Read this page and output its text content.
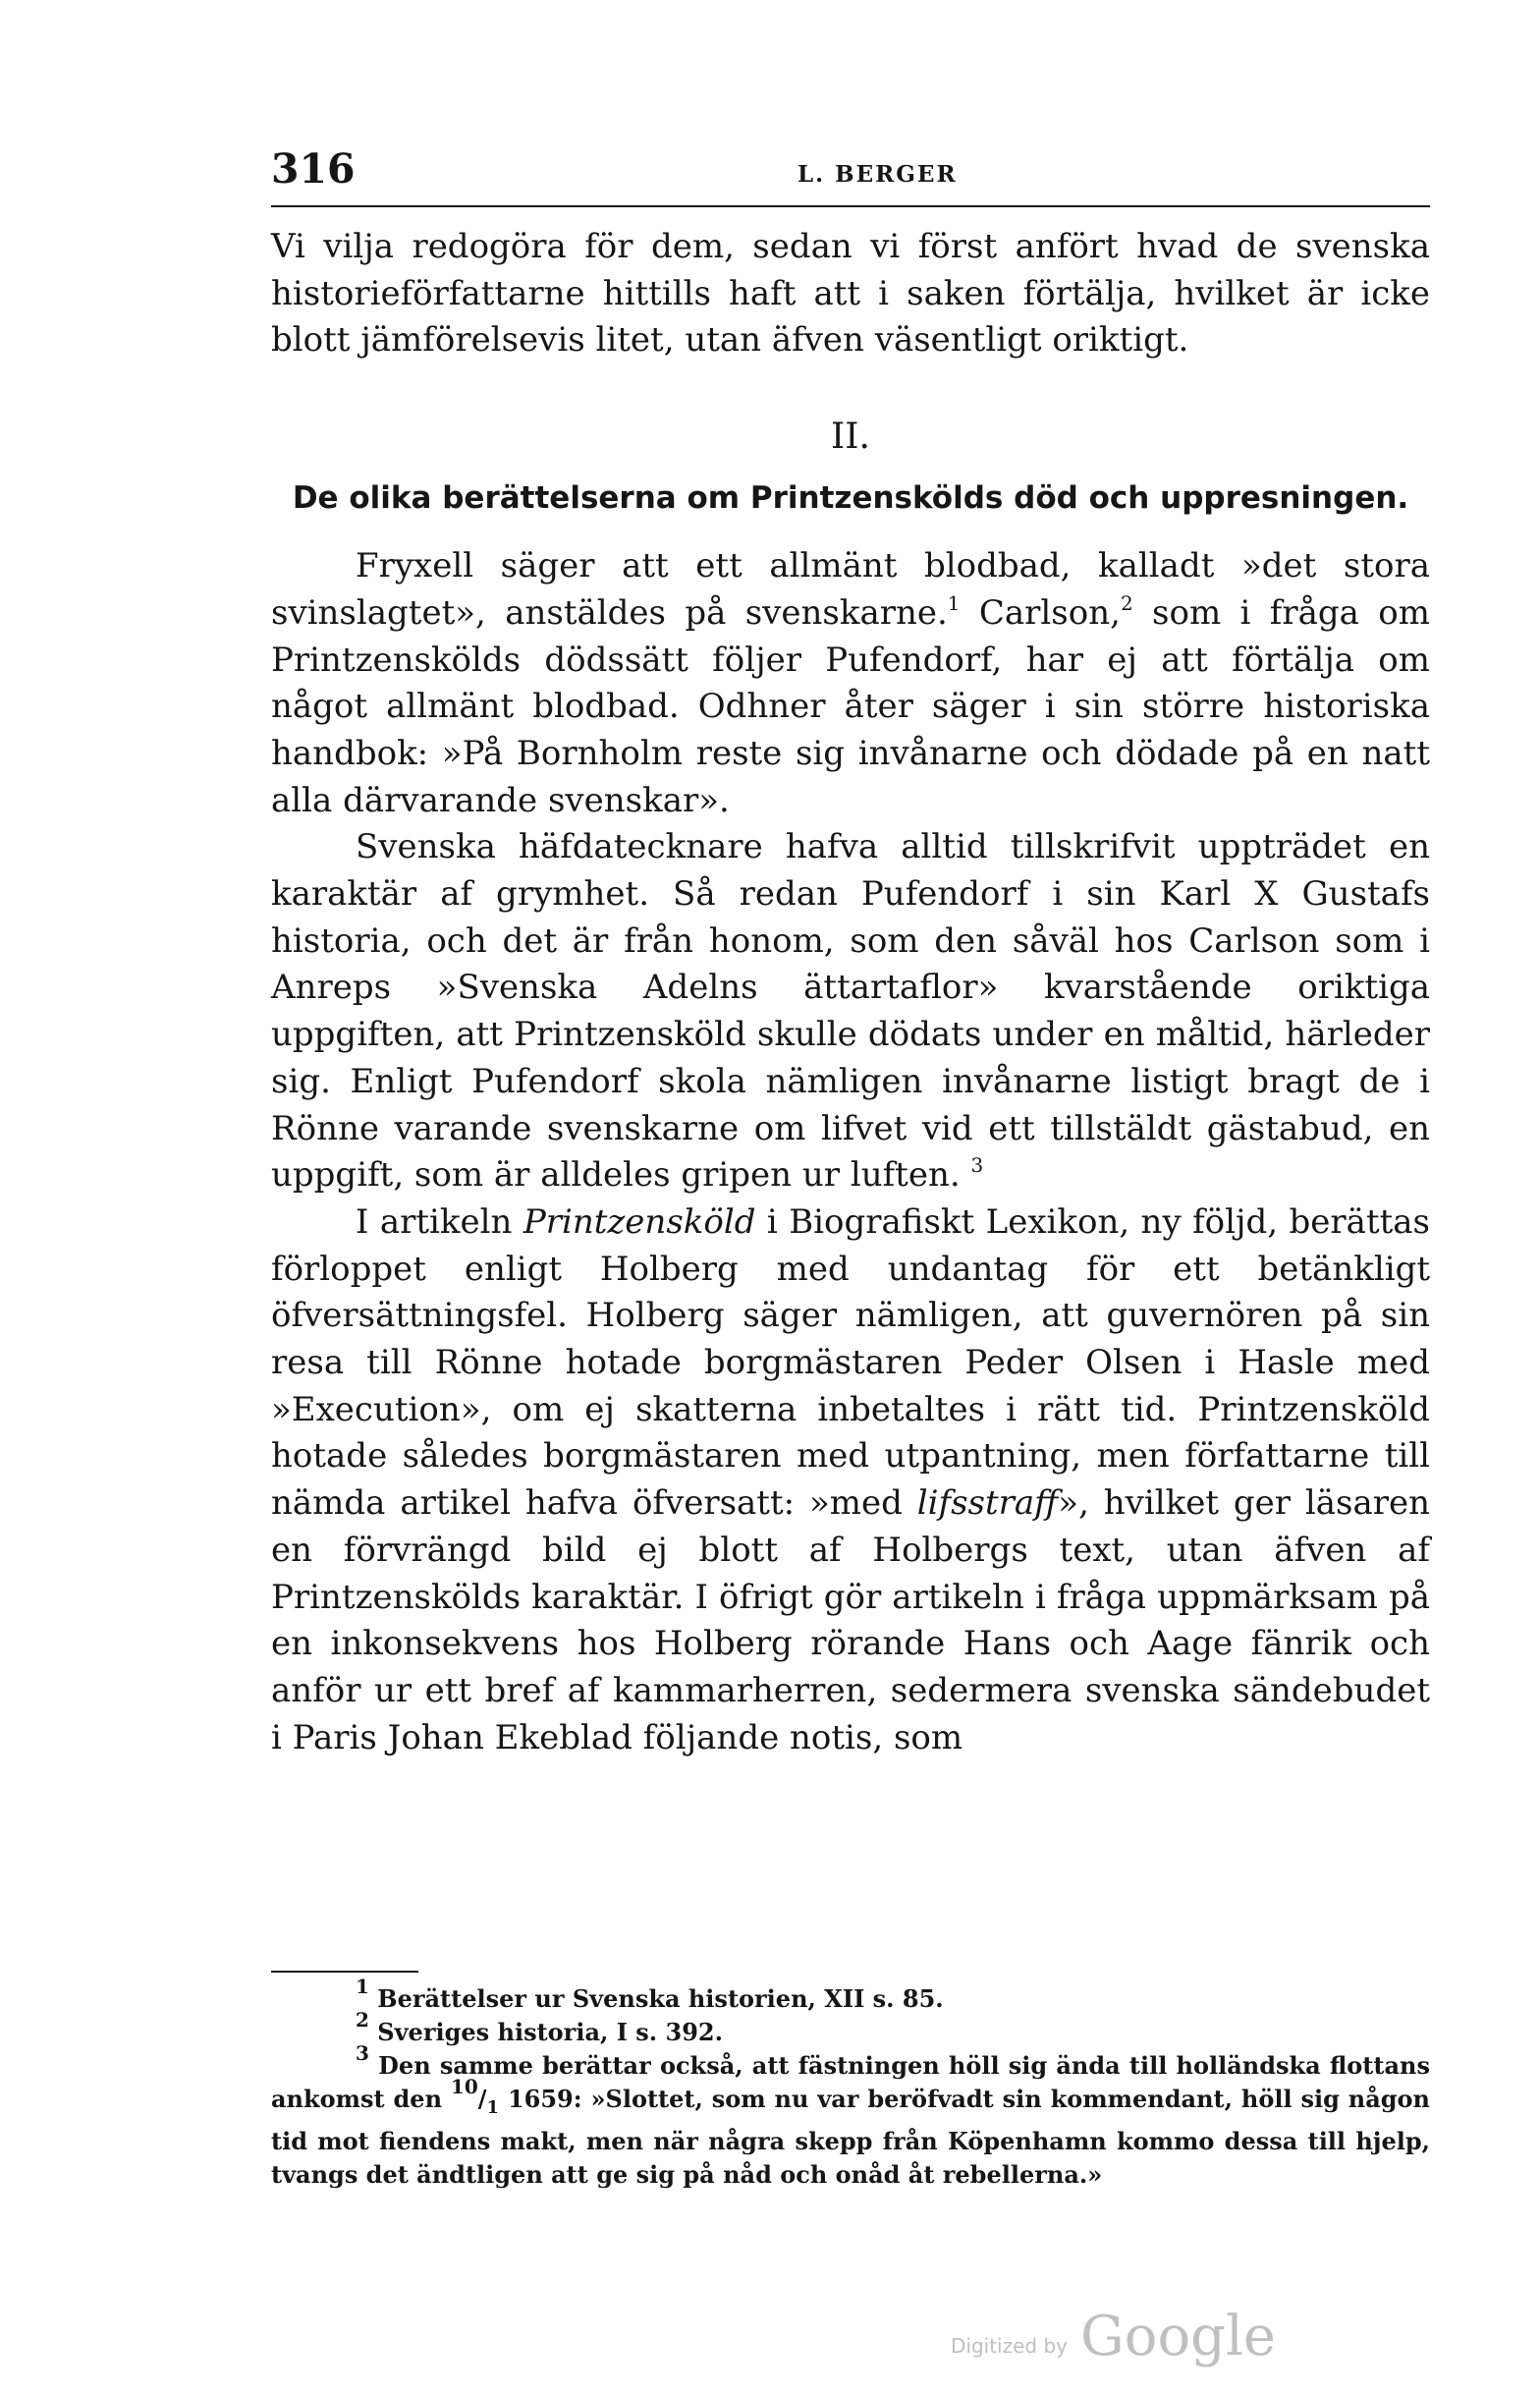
316	L. BERGER

Vi vilja redogöra för dem, sedan vi först anfört hvad de svenska historieförfattarne hittills haft att i saken förtälja, hvilket är icke blott jämförelsevis litet, utan äfven väsentligt oriktigt.

II.
De olika berättelserna om Printzenskölds död och uppresningen.

Fryxell säger att ett allmänt blodbad, kalladt »det stora svinslagtet», anstäldes på svenskarne.$^1$ Carlson,$^2$ som i fråga om Printzenskölds dödssätt följer Pufendorf, har ej att förtälja om något allmänt blodbad. Odhner åter säger i sin större historiska handbok: »På Bornholm reste sig invånarne och dödade på en natt alla därvarande svenskar».

Svenska häfdatecknare hafva alltid tillskrifvit uppträdet en karaktär af grymhet. Så redan Pufendorf i sin Karl X Gustafs historia, och det är från honom, som den såväl hos Carlson som i Anreps »Svenska Adelns ättartaflor» kvarstående oriktiga uppgiften, att Printzensköld skulle dödats under en måltid, härleder sig. Enligt Pufendorf skola nämligen invånarne listigt bragt de i Rönne varande svenskarne om lifvet vid ett tillstäldt gästabud, en uppgift, som är alldeles gripen ur luften. $^3$

I artikeln Printzensköld i Biografiskt Lexikon, ny följd, berättas förloppet enligt Holberg med undantag för ett betänkligt öfversättningsfel. Holberg säger nämligen, att guvernören på sin resa till Rönne hotade borgmästaren Peder Olsen i Hasle med »Execution», om ej skatterna inbetaltes i rätt tid. Printzensköld hotade således borgmästaren med utpantning, men författarne till nämda artikel hafva öfversatt: »med lifsstraff», hvilket ger läsaren en förvrängd bild ej blott af Holbergs text, utan äfven af Printzenskölds karaktär. I öfrigt gör artikeln i fråga uppmärksam på en inkonsekvens hos Holberg rörande Hans och Aage fänrik och anför ur ett bref af kammarherren, sedermera svenska sändebudet i Paris Johan Ekeblad följande notis, som

$^1$ Berättelser ur Svenska historien, XII s. 85.

$^2$ Sveriges historia, I s. 392.

$^3$ Den samme berättar också, att fästningen höll sig ända till holländska flottans ankomst den $^{10}/_1$ 1659: »Slottet, som nu var beröfvadt sin kommendant, höll sig någon tid mot fiendens makt, men när några skepp från Köpenhamn kommo dessa till hjelp, tvangs det ändtligen att ge sig på nåd och onåd åt rebellerna.»

Digitized by Google
